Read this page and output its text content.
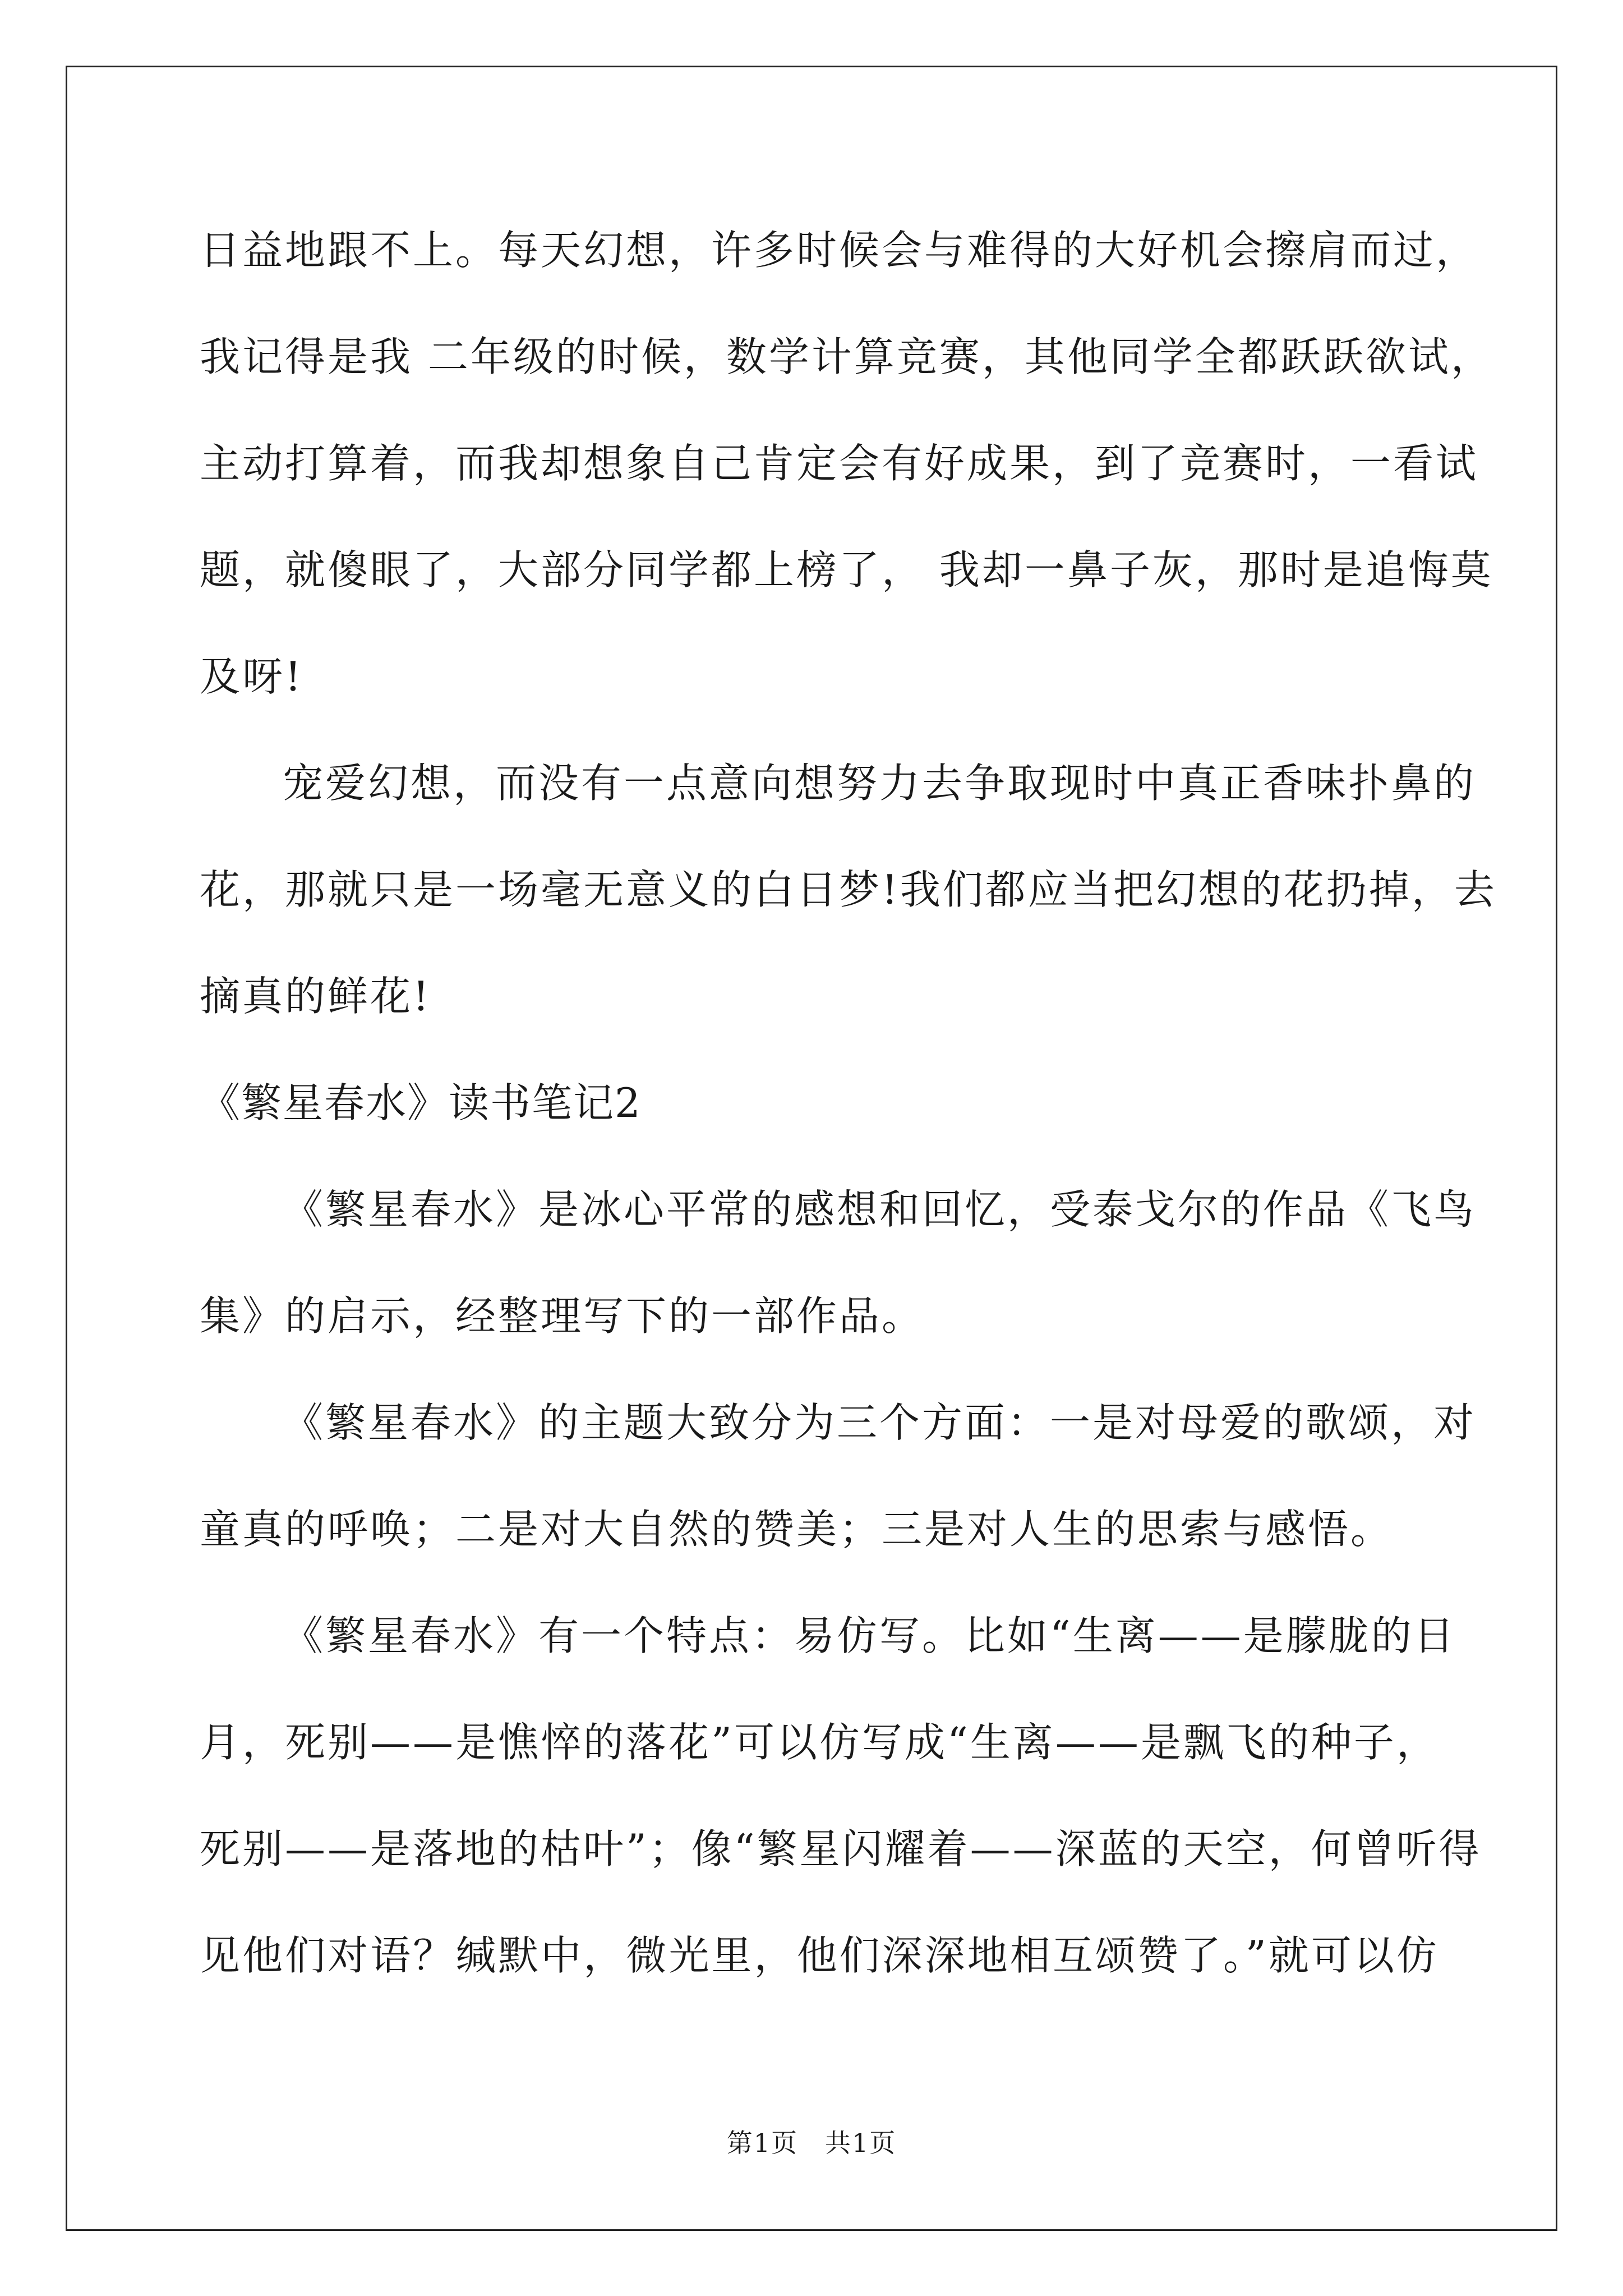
日益地跟不上。每天幻想，许多时候会与难得的大好机会擦肩而过，
我记得是我 二年级的时候，数学计算竞赛，其他同学全都跃跃欲试，
主动打算着，而我却想象自己肯定会有好成果，到了竞赛时，一看试
题，就傻眼了，大部分同学都上榜了， 我却一鼻子灰，那时是追悔莫
及呀!
宠爱幻想，而没有一点意向想努力去争取现时中真正香味扑鼻的
花，那就只是一场毫无意义的白日梦!我们都应当把幻想的花扔掉，去
摘真的鲜花!
《繁星春水》读书笔记2
《繁星春水》是冰心平常的感想和回忆，受泰戈尔的作品《飞鸟
集》的启示，经整理写下的一部作品。
《繁星春水》的主题大致分为三个方面：一是对母爱的歌颂，对
童真的呼唤；二是对大自然的赞美；三是对人生的思索与感悟。
《繁星春水》有一个特点：易仿写。比如“生离——是朦胧的日
月，死别——是憔悴的落花”可以仿写成“生离——是飘飞的种子，
死别——是落地的枯叶”；像“繁星闪耀着——深蓝的天空，何曾听得
见他们对语？缄默中，微光里，他们深深地相互颂赞了。”就可以仿
第1页　共1页
